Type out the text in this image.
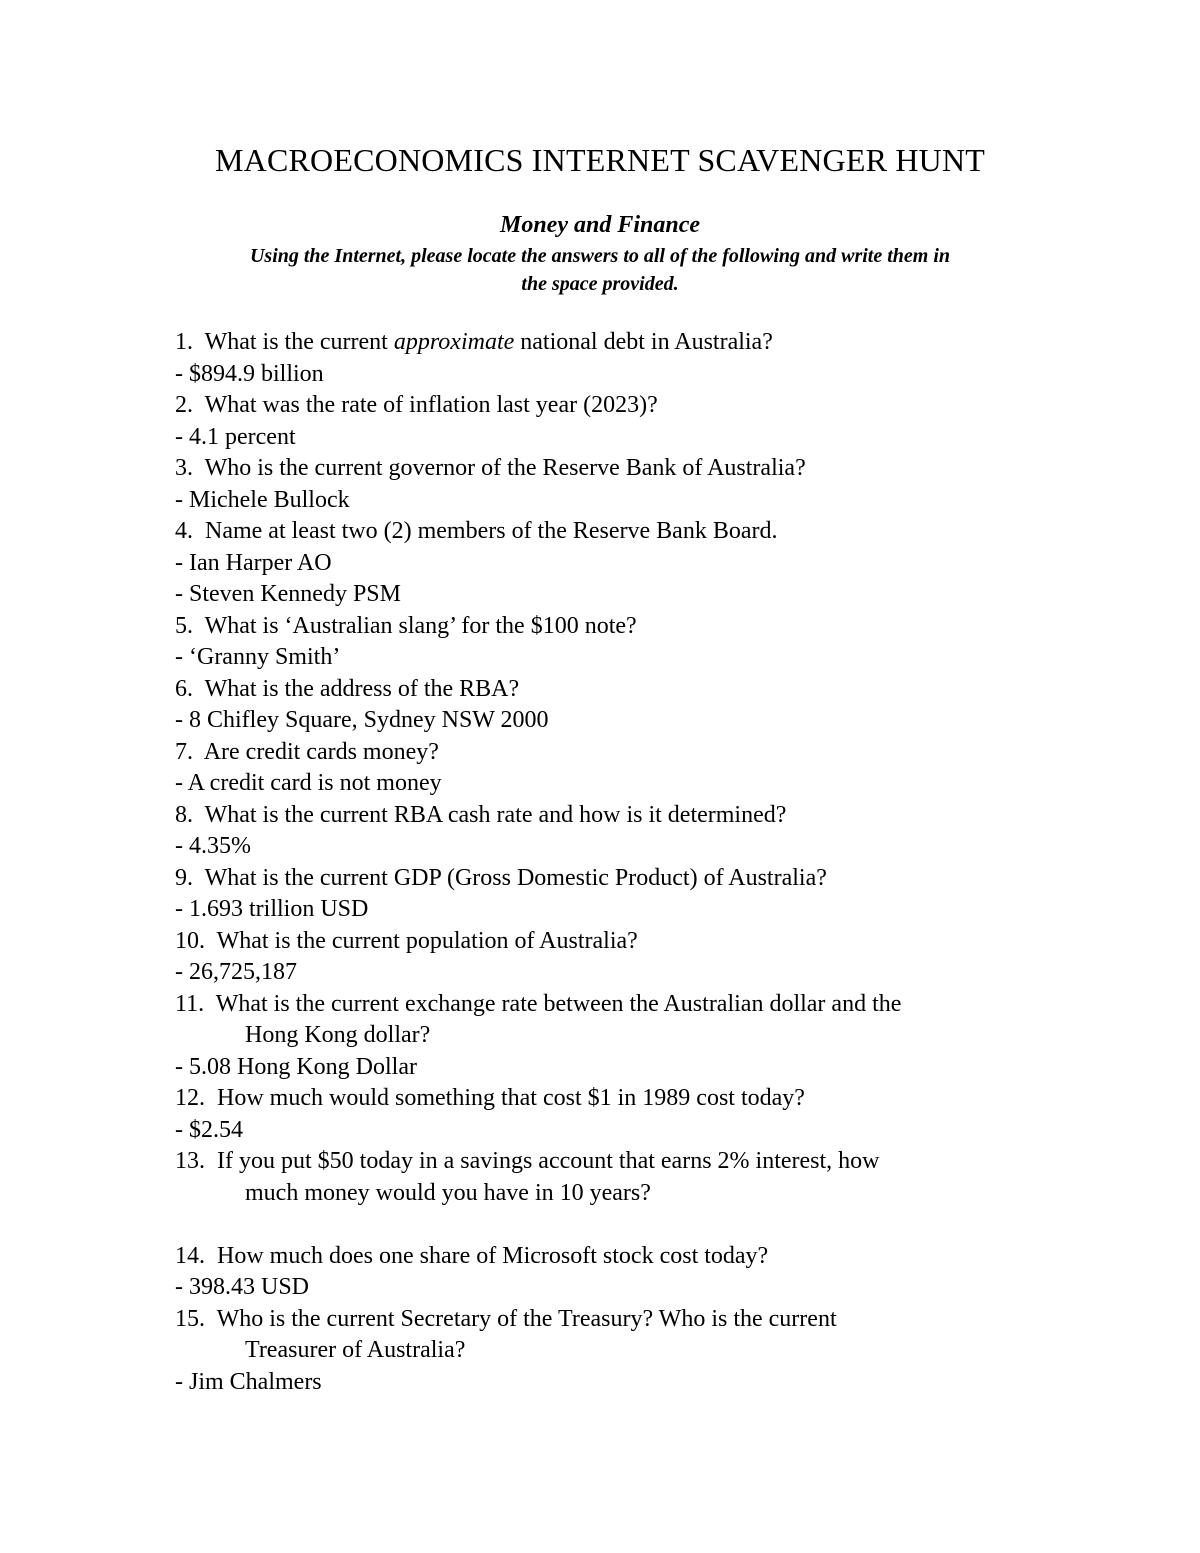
MACROECONOMICS INTERNET SCAVENGER HUNT
Money and Finance
Using the Internet, please locate the answers to all of the following and write them in
the space provided.
1. What is the current approximate national debt in Australia?
- $894.9 billion
2. What was the rate of inflation last year (2023)?
- 4.1 percent
3. Who is the current governor of the Reserve Bank of Australia?
- Michele Bullock
4. Name at least two (2) members of the Reserve Bank Board.
- Ian Harper AO
- Steven Kennedy PSM
5. What is ‘Australian slang’ for the $100 note?
- ‘Granny Smith’
6. What is the address of the RBA?
- 8 Chifley Square, Sydney NSW 2000
7. Are credit cards money?
- A credit card is not money
8. What is the current RBA cash rate and how is it determined?
- 4.35%
9. What is the current GDP (Gross Domestic Product) of Australia?
- 1.693 trillion USD
10. What is the current population of Australia?
- 26,725,187
11. What is the current exchange rate between the Australian dollar and the
Hong Kong dollar?
- 5.08 Hong Kong Dollar
12. How much would something that cost $1 in 1989 cost today?
- $2.54
13. If you put $50 today in a savings account that earns 2% interest, how
much money would you have in 10 years?
14. How much does one share of Microsoft stock cost today?
- 398.43 USD
15. Who is the current Secretary of the Treasury? Who is the current
Treasurer of Australia?
- Jim Chalmers
